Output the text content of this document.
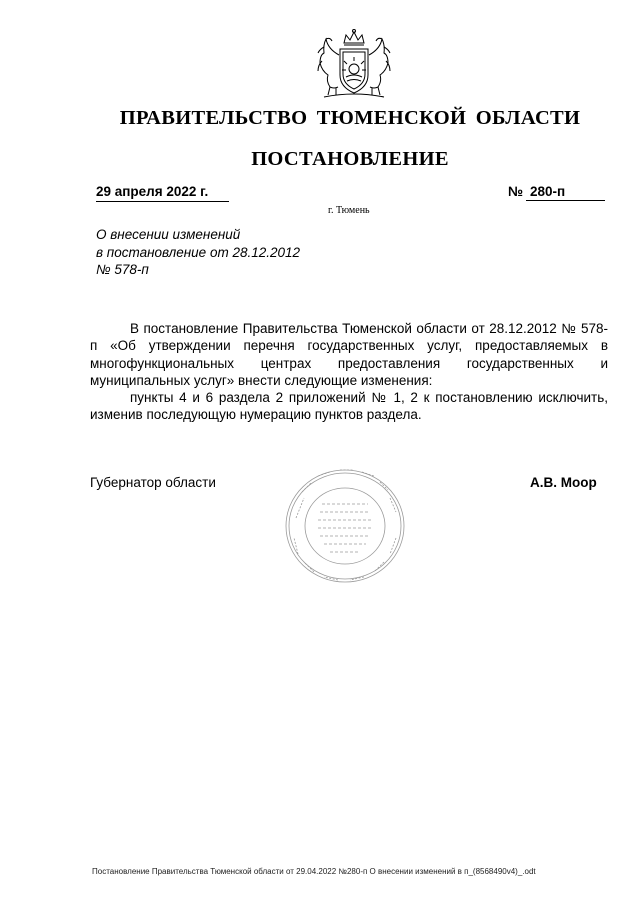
ПРАВИТЕЛЬСТВО ТЮМЕНСКОЙ ОБЛАСТИ
ПОСТАНОВЛЕНИЕ
29 апреля 2022 г.	№ 280-п
г. Тюмень
О внесении изменений
в постановление от 28.12.2012
№ 578-п

В постановление Правительства Тюменской области от 28.12.2012 № 578-п «Об утверждении перечня государственных услуг, предоставляемых в многофункциональных центрах предоставления государственных и муниципальных услуг» внести следующие изменения:

пункты 4 и 6 раздела 2 приложений № 1, 2 к постановлению исключить, изменив последующую нумерацию пунктов раздела.

Губернатор области	А.В. Моор
Постановление Правительства Тюменской области от 29.04.2022 №280-п О внесении изменений в п_(8568490v4)_.odt
